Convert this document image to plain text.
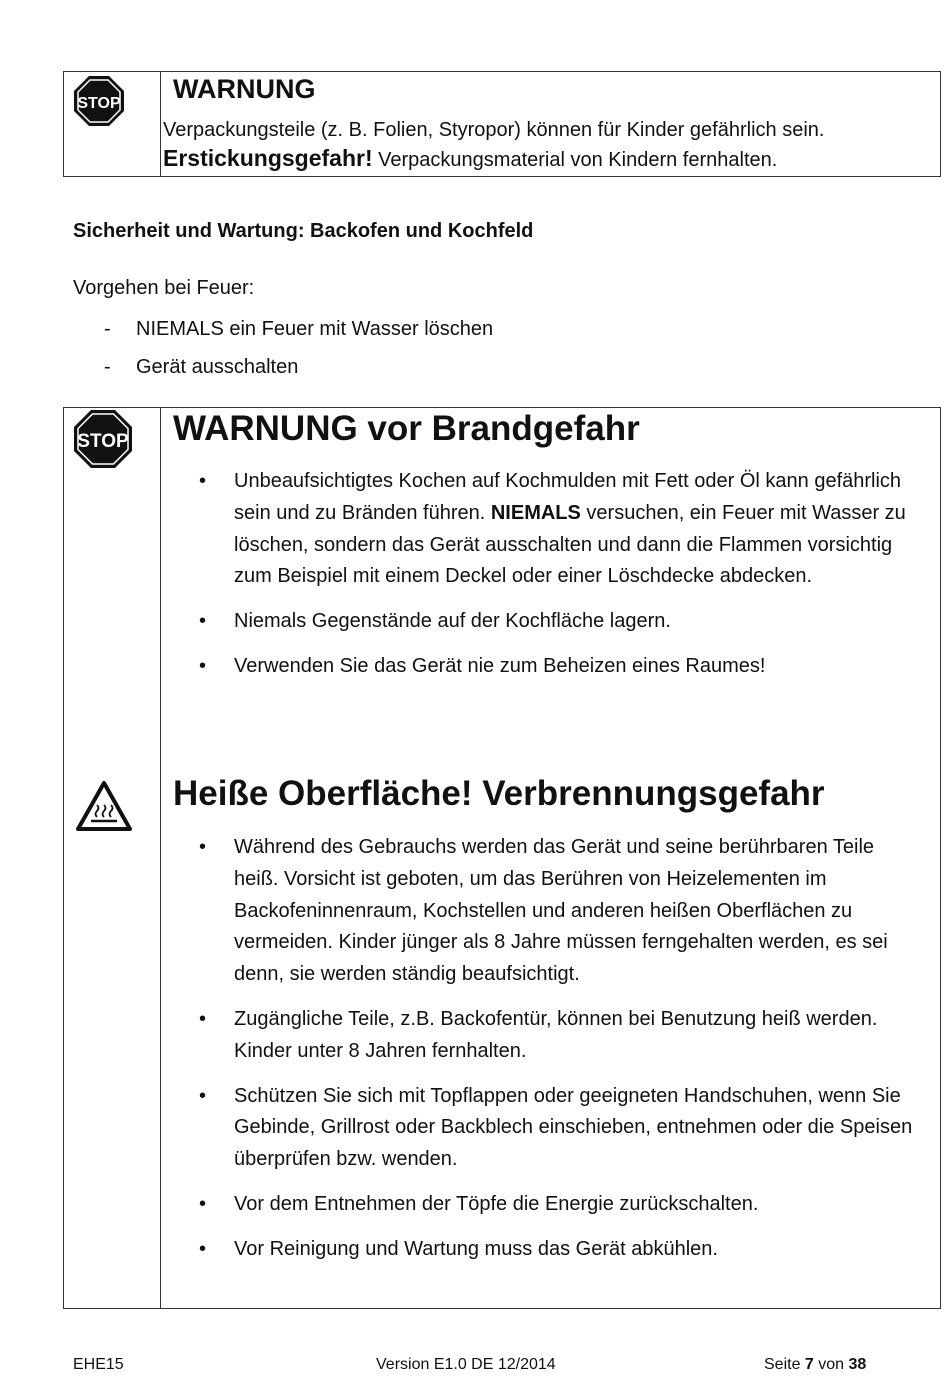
STOP WARNUNG
Verpackungsteile (z. B. Folien, Styropor) können für Kinder gefährlich sein.
Erstickungsgefahr! Verpackungsmaterial von Kindern fernhalten.
Sicherheit und Wartung: Backofen und Kochfeld
Vorgehen bei Feuer:
- NIEMALS ein Feuer mit Wasser löschen
- Gerät ausschalten
STOP WARNUNG vor Brandgefahr
• Unbeaufsichtigtes Kochen auf Kochmulden mit Fett oder Öl kann gefährlich sein und zu Bränden führen. NIEMALS versuchen, ein Feuer mit Wasser zu löschen, sondern das Gerät ausschalten und dann die Flammen vorsichtig zum Beispiel mit einem Deckel oder einer Löschdecke abdecken.
• Niemals Gegenstände auf der Kochfläche lagern.
• Verwenden Sie das Gerät nie zum Beheizen eines Raumes!
Heiße Oberfläche! Verbrennungsgefahr
• Während des Gebrauchs werden das Gerät und seine berührbaren Teile heiß. Vorsicht ist geboten, um das Berühren von Heizelementen im Backofeninnenraum, Kochstellen und anderen heißen Oberflächen zu vermeiden. Kinder jünger als 8 Jahre müssen ferngehalten werden, es sei denn, sie werden ständig beaufsichtigt.
• Zugängliche Teile, z.B. Backofentür, können bei Benutzung heiß werden. Kinder unter 8 Jahren fernhalten.
• Schützen Sie sich mit Topflappen oder geeigneten Handschuhen, wenn Sie Gebinde, Grillrost oder Backblech einschieben, entnehmen oder die Speisen überprüfen bzw. wenden.
• Vor dem Entnehmen der Töpfe die Energie zurückschalten.
• Vor Reinigung und Wartung muss das Gerät abkühlen.
EHE15	Version E1.0 DE 12/2014	Seite 7 von 38
